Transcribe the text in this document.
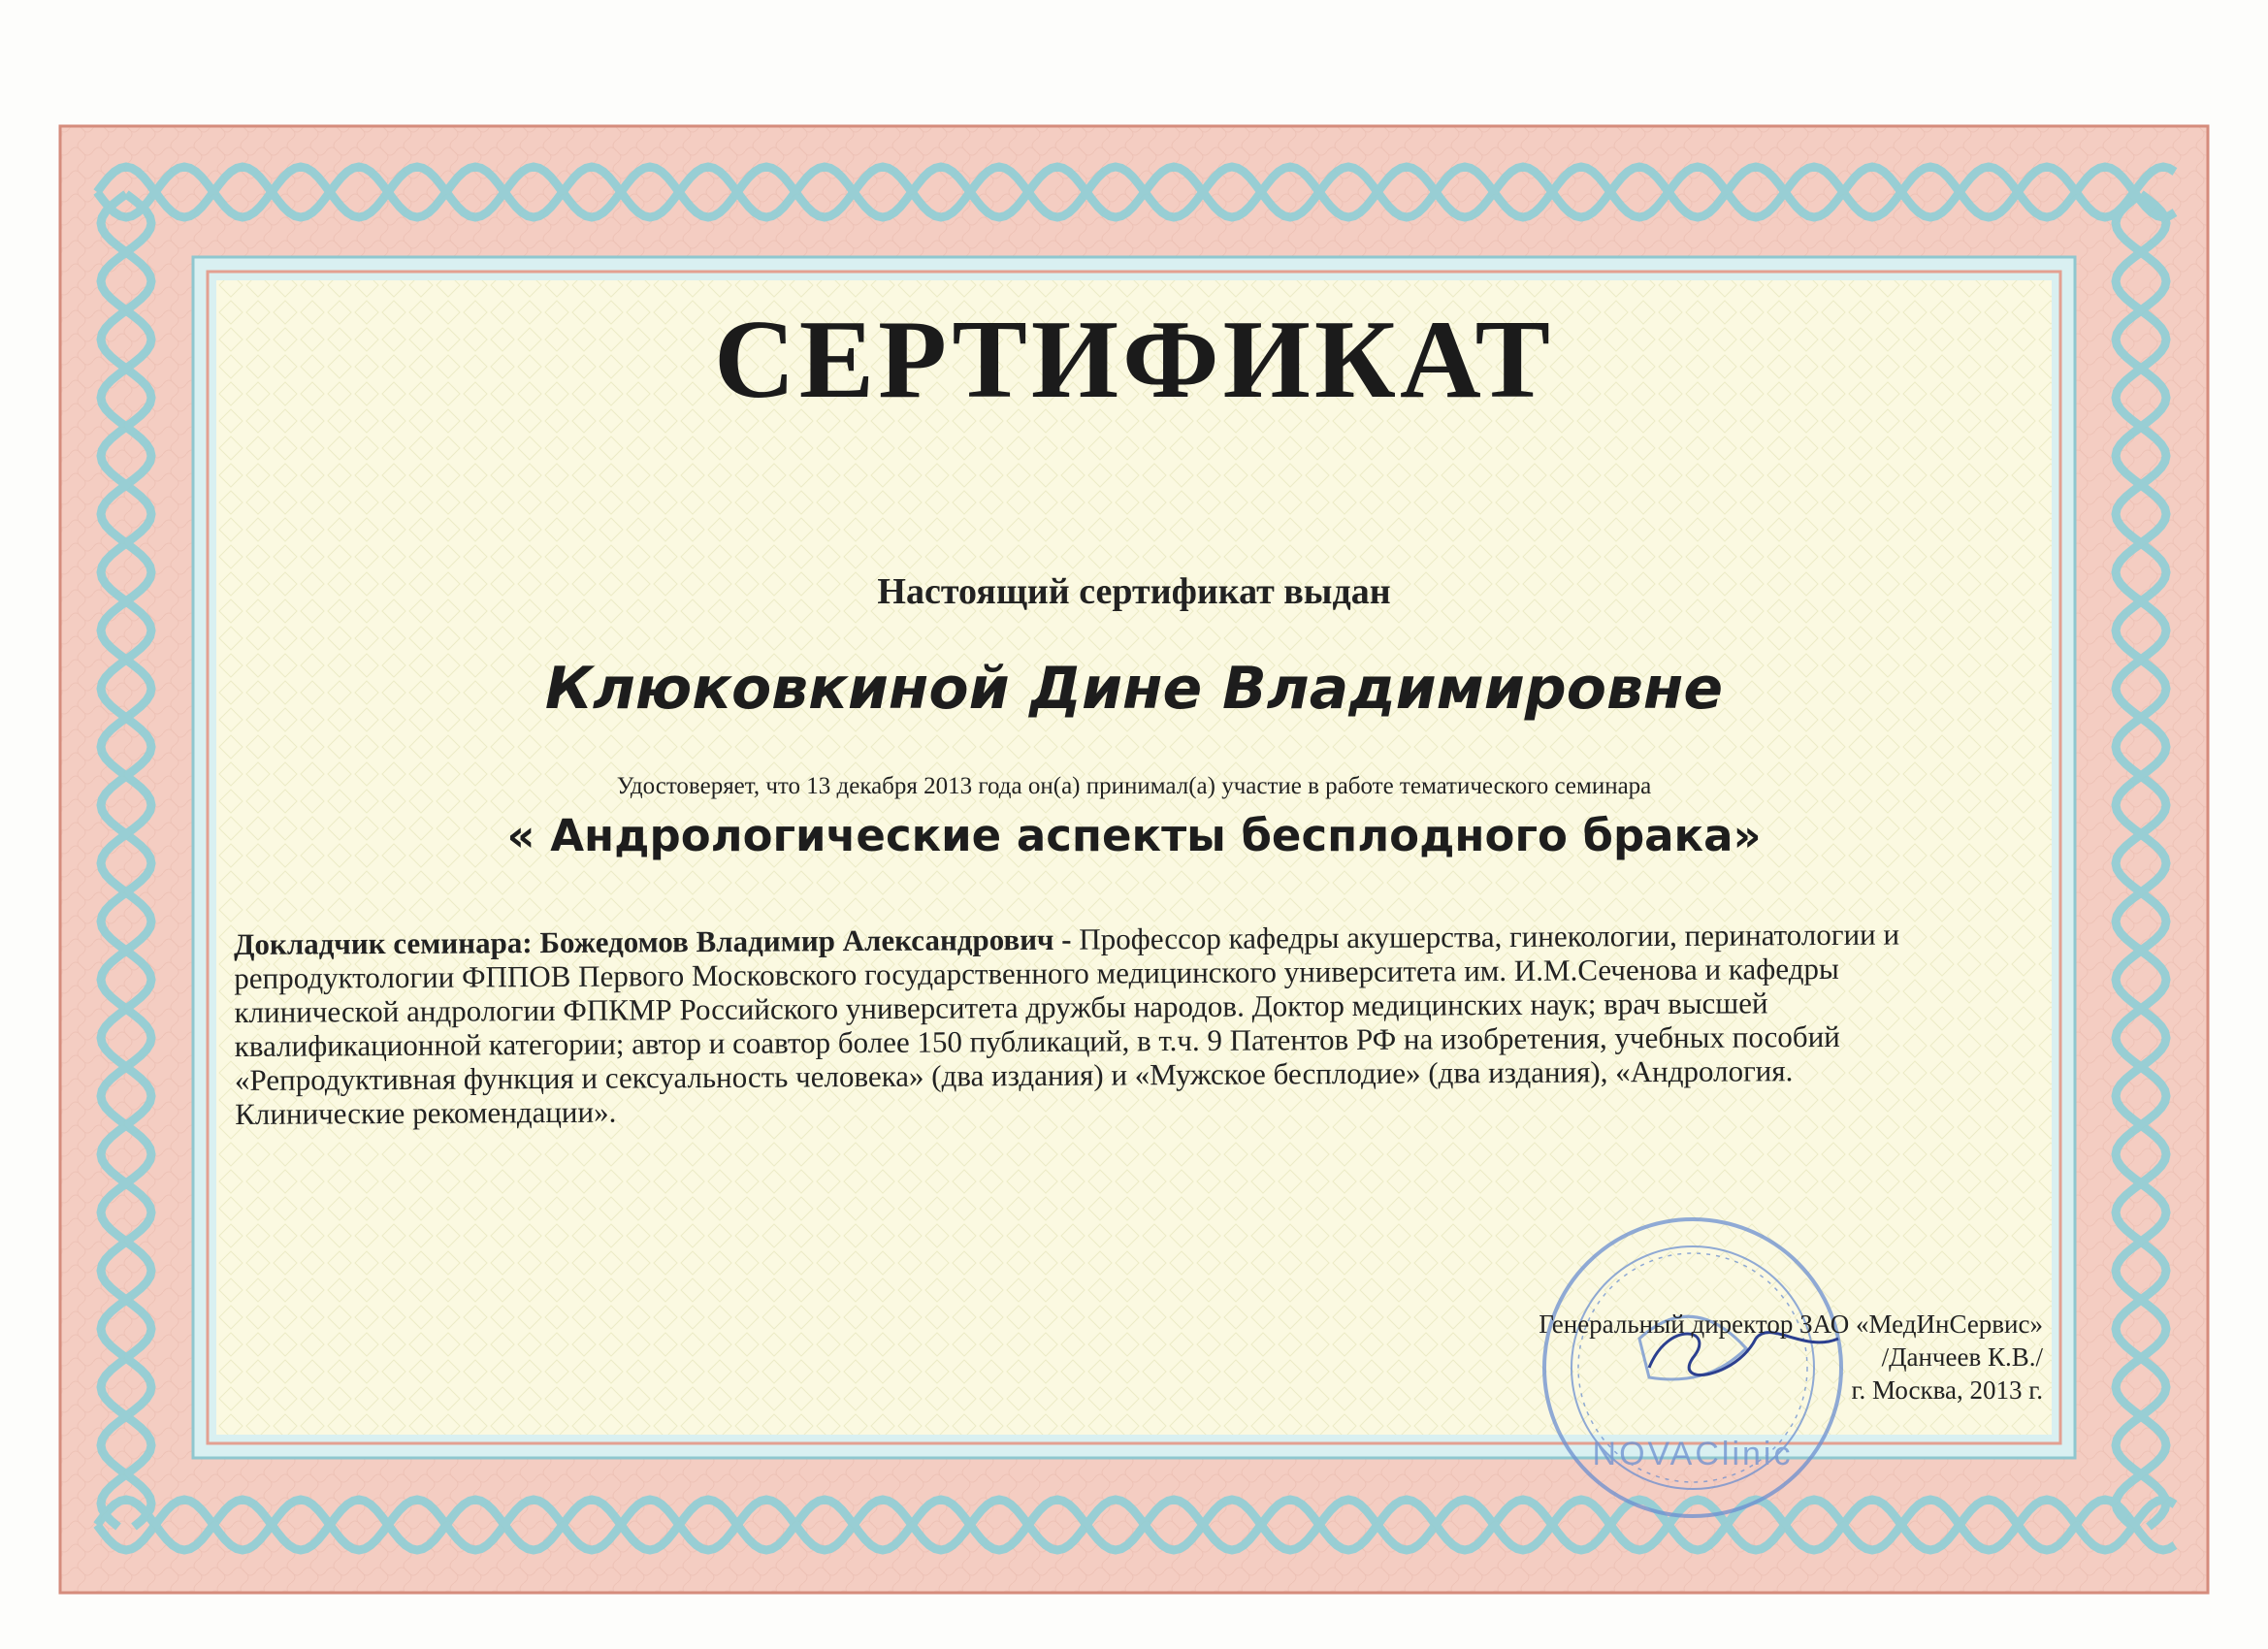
NOVAClinic
СЕРТИФИКАТ
Настоящий сертификат выдан
Клюковкиной Дине Владимировне
Удостоверяет, что 13 декабря 2013 года он(а) принимал(а) участие в работе тематического семинара
« Андрологические аспекты бесплодного брака»

Докладчик семинара: Божедомов Владимир Александрович - Профессор кафедры акушерства, гинекологии, перинатологии и

репродуктологии ФППОВ Первого Московского государственного медицинского университета им. И.М.Сеченова и кафедры

клинической андрологии ФПКМР Российского университета дружбы народов. Доктор медицинских наук; врач высшей

квалификационной категории; автор и соавтор более 150 публикаций, в т.ч. 9 Патентов РФ на изобретения, учебных пособий

«Репродуктивная функция и сексуальность человека» (два издания) и «Мужское бесплодие» (два издания), «Андрология.

Клинические рекомендации».

Генеральный директор ЗАО «МедИнСервис»
/Данчеев К.В./
г. Москва, 2013 г.
